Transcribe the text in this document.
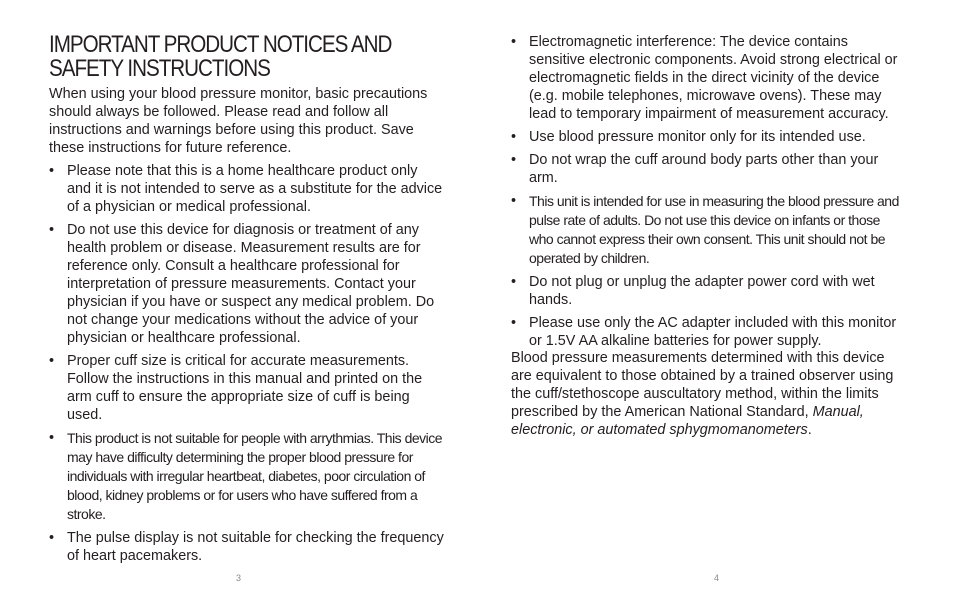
IMPORTANT PRODUCT NOTICES AND SAFETY INSTRUCTIONS

When using your blood pressure monitor, basic precautions should always be followed. Please read and follow all instructions and warnings before using this product. Save these instructions for future reference.

• Please note that this is a home healthcare product only and it is not intended to serve as a substitute for the advice of a physician or medical professional.
• Do not use this device for diagnosis or treatment of any health problem or disease. Measurement results are for reference only. Consult a healthcare professional for interpretation of pressure measurements. Contact your physician if you have or suspect any medical problem. Do not change your medications without the advice of your physician or healthcare professional.
• Proper cuff size is critical for accurate measurements. Follow the instructions in this manual and printed on the arm cuff to ensure the appropriate size of cuff is being used.
• This product is not suitable for people with arrythmias. This device may have difficulty determining the proper blood pressure for individuals with irregular heartbeat, diabetes, poor circulation of blood, kidney problems or for users who have suffered from a stroke.
• The pulse display is not suitable for checking the frequency of heart pacemakers.
3
• Electromagnetic interference: The device contains sensitive electronic components. Avoid strong electrical or electromagnetic fields in the direct vicinity of the device (e.g. mobile telephones, microwave ovens). These may lead to temporary impairment of measurement accuracy.
• Use blood pressure monitor only for its intended use.
• Do not wrap the cuff around body parts other than your arm.
• This unit is intended for use in measuring the blood pressure and pulse rate of adults. Do not use this device on infants or those who cannot express their own consent. This unit should not be operated by children.
• Do not plug or unplug the adapter power cord with wet hands.
• Please use only the AC adapter included with this monitor or 1.5V AA alkaline batteries for power supply.

Blood pressure measurements determined with this device are equivalent to those obtained by a trained observer using the cuff/stethoscope auscultatory method, within the limits prescribed by the American National Standard, Manual, electronic, or automated sphygmomanometers.

4
